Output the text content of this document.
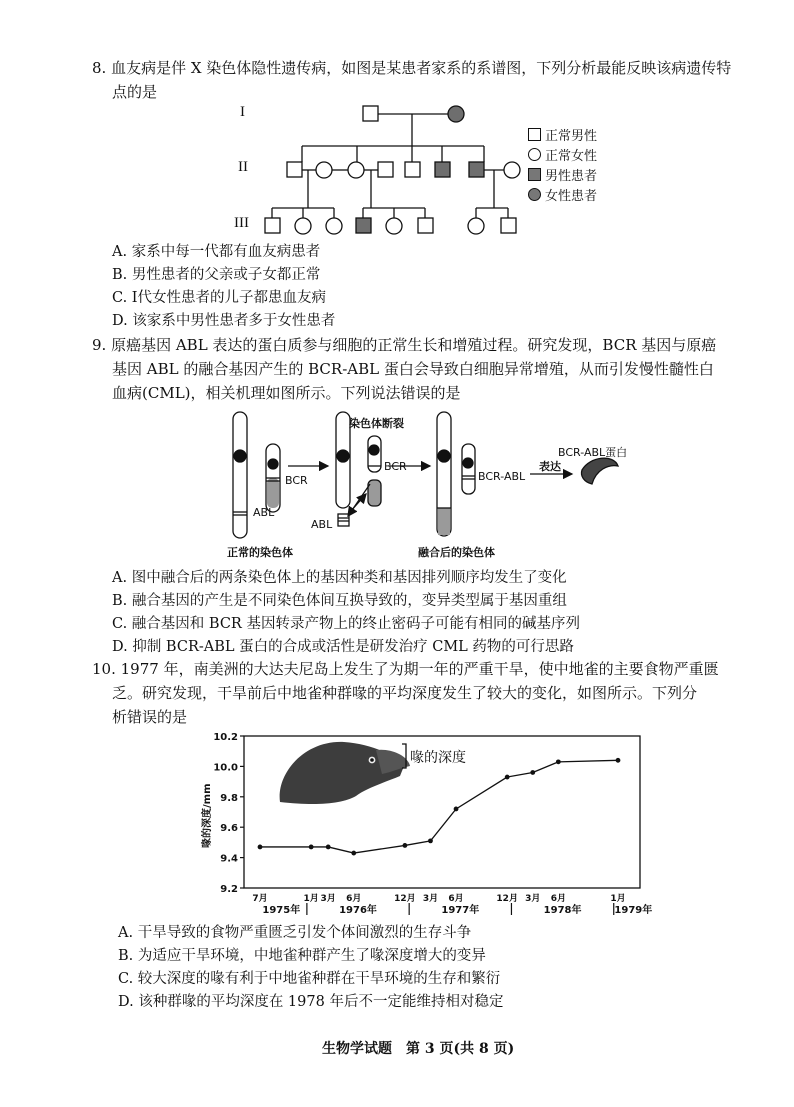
8. 血友病是伴 X 染色体隐性遗传病，如图是某患者家系的系谱图，下列分析最能反映该病遗传特
点的是
I
II
III
正常男性
正常女性
男性患者
女性患者
A. 家系中每一代都有血友病患者
B. 男性患者的父亲或子女都正常
C. Ⅰ代女性患者的儿子都患血友病
D. 该家系中男性患者多于女性患者
9. 原癌基因 ABL 表达的蛋白质参与细胞的正常生长和增殖过程。研究发现，BCR 基因与原癌
基因 ABL 的融合基因产生的 BCR-ABL 蛋白会导致白细胞异常增殖，从而引发慢性髓性白
血病(CML)，相关机理如图所示。下列说法错误的是
染色体断裂
BCR
BCR
ABL
ABL
BCR-ABL
表达
BCR-ABL蛋白
正常的染色体	融合后的染色体
A. 图中融合后的两条染色体上的基因种类和基因排列顺序均发生了变化
B. 融合基因的产生是不同染色体间互换导致的，变异类型属于基因重组
C. 融合基因和 BCR 基因转录产物上的终止密码子可能有相同的碱基序列
D. 抑制 BCR-ABL 蛋白的合成或活性是研发治疗 CML 药物的可行思路
10. 1977 年，南美洲的大达夫尼岛上发生了为期一年的严重干旱，使中地雀的主要食物严重匮
乏。研究发现，干旱前后中地雀种群喙的平均深度发生了较大的变化，如图所示。下列分
析错误的是
喙的深度
9.2
9.4
9.6
9.8
10.0
10.2
喙的深度/mm
7月	1月 3月 6月	12月 3月 6月	12月 3月 6月	1月
1975年	1976年	1977年	1978年	1979年
A. 干旱导致的食物严重匮乏引发个体间激烈的生存斗争
B. 为适应干旱环境，中地雀种群产生了喙深度增大的变异
C. 较大深度的喙有利于中地雀种群在干旱环境的生存和繁衍
D. 该种群喙的平均深度在 1978 年后不一定能维持相对稳定
生物学试题　第 3 页(共 8 页)
